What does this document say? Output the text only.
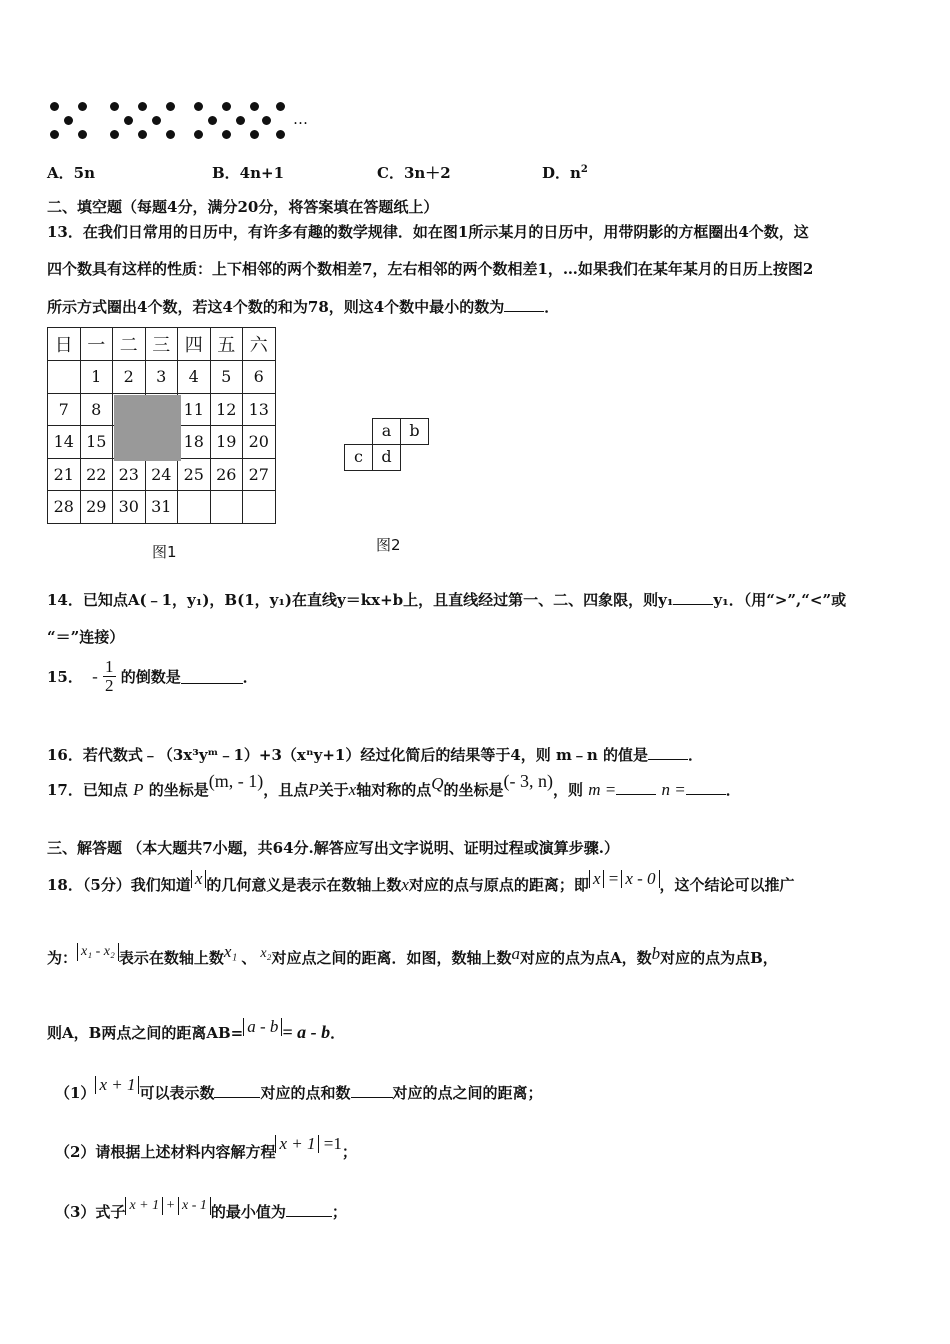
…
A．5n	B．4n+1	C．3n＋2	D．$n^2$
二、填空题（每题4分，满分20分，将答案填在答题纸上）
13．在我们日常用的日历中，有许多有趣的数学规律．如在图1所示某月的日历中，用带阴影的方框圈出4个数，这
四个数具有这样的性质：上下相邻的两个数相差7，左右相邻的两个数相差1，…如果我们在某年某月的日历上按图2
所示方式圈出4个数，若这4个数的和为78，则这4个数中最小的数为	．
日	一	二	三	四	五	六
	1	2	3	4	5	6
7	8			11	12	13
14	15			18	19	20
21	22	23	24	25	26	27
28	29	30	31			
图1
a	b
c	d
图2
14．已知点A(﹣1，y₁)，B(1，y₁)在直线y＝kx+b上，且直线经过第一、二、四象限，则y₁	y₁．（用“>”,“<”或
“＝”连接）
15． - $\frac{1}{2}$ 的倒数是	．
16．若代数式﹣（3x³yᵐ﹣1）+3（xⁿy+1）经过化简后的结果等于4，则 m﹣n 的值是	．
17．已知点 P 的坐标是(m, - 1)，且点P关于x轴对称的点Q的坐标是(- 3, n)，则 m =	n =	．
三、解答题 （本大题共7小题，共64分.解答应写出文字说明、证明过程或演算步骤.）
18．（5分）我们知道 x 的几何意义是表示在数轴上数x对应的点与原点的距离；即 x = x - 0 ，这个结论可以推广
为： x₁ - x₂ 表示在数轴上数x₁ 、 x₂对应点之间的距离．如图，数轴上数a对应的点为点A，数b对应的点为点B，
则A，B两点之间的距离AB= a - b = a - b．
（1） x + 1 可以表示数	对应的点和数	对应的点之间的距离；
（2）请根据上述材料内容解方程 x + 1 =1；
（3）式子 x + 1 + x - 1 的最小值为	；
